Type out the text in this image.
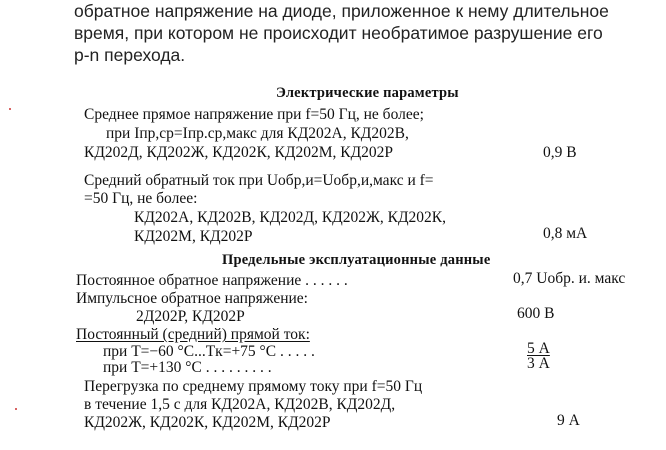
обратное напряжение на диоде, приложенное к нему длительное
время, при котором не происходит необратимое разрушение его
p-n перехода.
Электрические параметры
Среднее прямое напряжение при f=50 Гц, не более;
при Iпр,ср=Iпр.ср,макс для КД202А, КД202В,
КД202Д, КД202Ж, КД202К, КД202М, КД202Р	0,9 В
Средний обратный ток при Uобр,и=Uобр,и,макс и f=
=50 Гц, не более:
КД202А, КД202В, КД202Д, КД202Ж, КД202К,
КД202М, КД202Р	0,8 мА
Предельные эксплуатационные данные
Постоянное обратное напряжение . . . . . .	0,7 Uобр. и. макс
Импульсное обратное напряжение:
2Д202Р, КД202Р	600 В
Постоянный (средний) прямой ток:
при T=−60 °C...Tк=+75 °C . . . . .	5 А
при T=+130 °C . . . . . . . . .	3 А
Перегрузка по среднему прямому току при f=50 Гц
в течение 1,5 с для КД202А, КД202В, КД202Д,
КД202Ж, КД202К, КД202М, КД202Р	9 А
